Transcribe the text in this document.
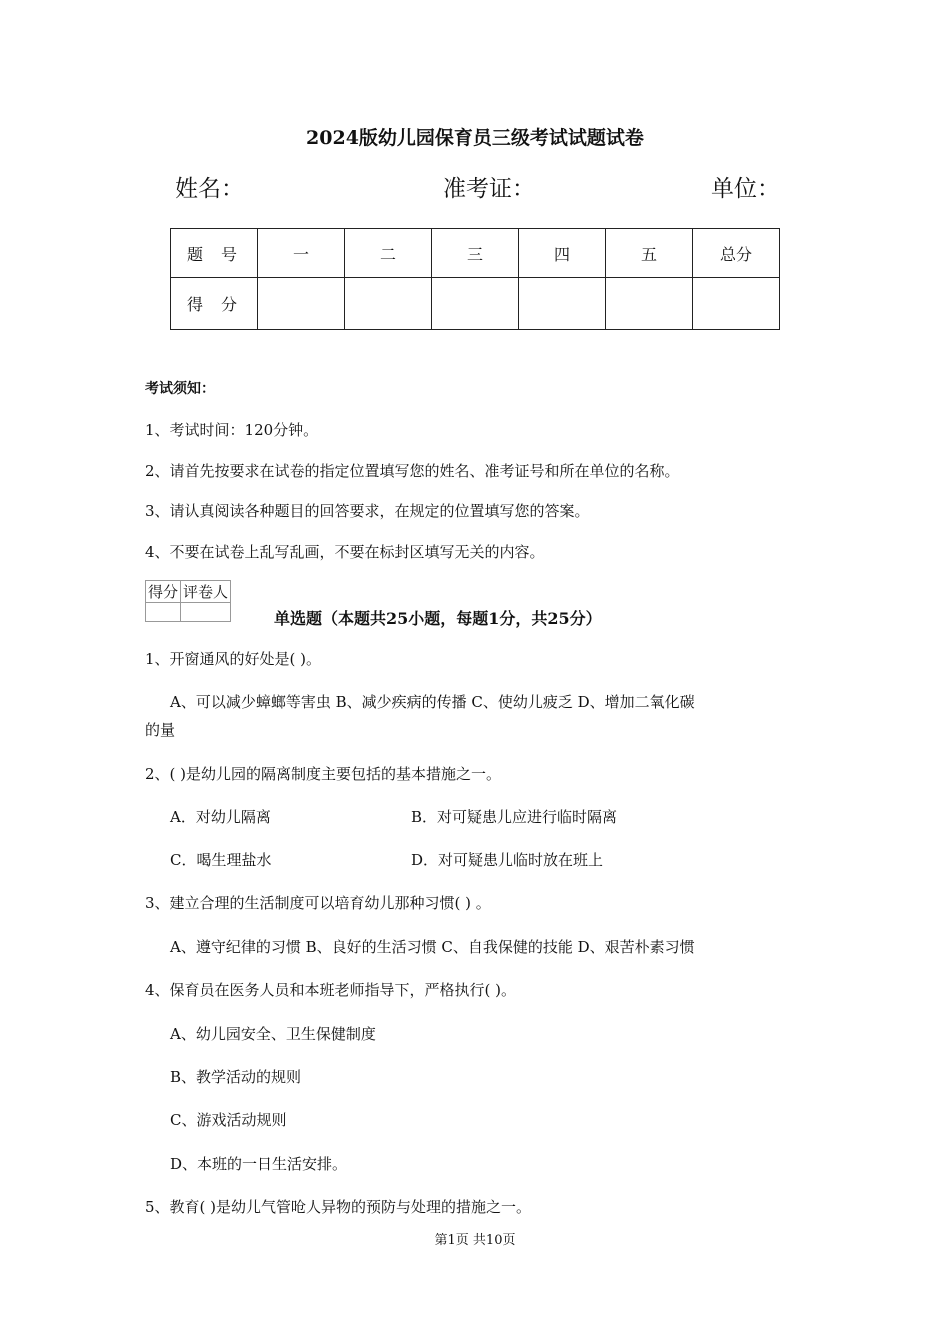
2024版幼儿园保育员三级考试试题试卷
姓名：	准考证：	单位：
题号	一	二	三	四	五	总分
得分						
考试须知：
1、考试时间：120分钟。
2、请首先按要求在试卷的指定位置填写您的姓名、准考证号和所在单位的名称。
3、请认真阅读各种题目的回答要求，在规定的位置填写您的答案。
4、不要在试卷上乱写乱画，不要在标封区填写无关的内容。
得分	评卷人

单选题（本题共25小题，每题1分，共25分）
1、开窗通风的好处是( )。
A、可以减少蟑螂等害虫 B、减少疾病的传播 C、使幼儿疲乏 D、增加二氧化碳
的量
2、( )是幼儿园的隔离制度主要包括的基本措施之一。
A．对幼儿隔离	B．对可疑患儿应进行临时隔离
C．喝生理盐水	D．对可疑患儿临时放在班上
3、建立合理的生活制度可以培育幼儿那种习惯( ) 。
A、遵守纪律的习惯 B、良好的生活习惯 C、自我保健的技能 D、艰苦朴素习惯
4、保育员在医务人员和本班老师指导下，严格执行( )。
A、幼儿园安全、卫生保健制度
B、教学活动的规则
C、游戏活动规则
D、本班的一日生活安排。
5、教育( )是幼儿气管呛人异物的预防与处理的措施之一。
第1页 共10页
